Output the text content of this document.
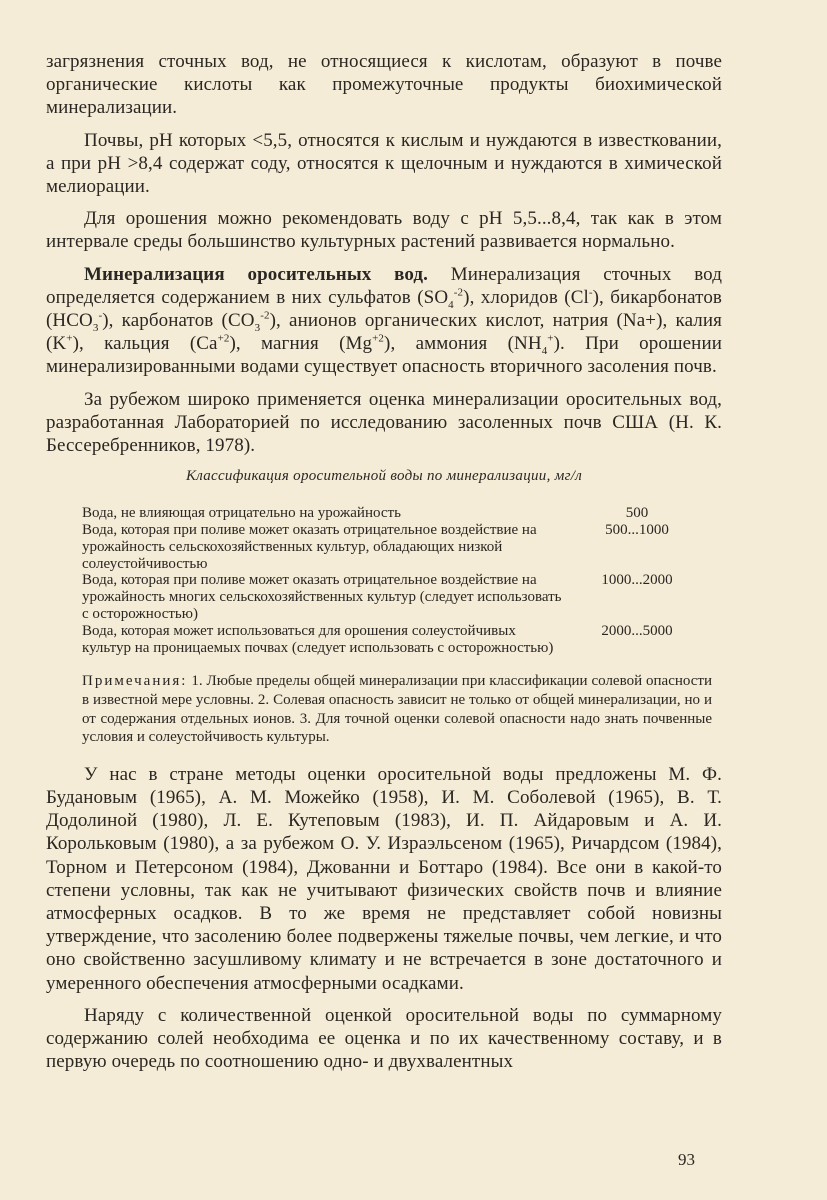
загрязнения сточных вод, не относящиеся к кислотам, образуют в почве органические кислоты как промежуточные продукты биохимической минерализации.

Почвы, pH которых <5,5, относятся к кислым и нуждаются в известковании, а при pH >8,4 содержат соду, относятся к щелочным и нуждаются в химической мелиорации.

Для орошения можно рекомендовать воду с pH 5,5...8,4, так как в этом интервале среды большинство культурных растений развивается нормально.

Минерализация оросительных вод. Минерализация сточных вод определяется содержанием в них сульфатов $(SO_4^{-2})$, хлоридов (Cl-), бикарбонатов $(HCO_3^-)$, карбонатов $(CO_3^{-2})$, анионов органических кислот, натрия (Na+), калия (K+), кальция $(Ca^{+2})$, магния $(Mg^{+2})$, аммония $(NH_4^+)$. При орошении минерализированными водами существует опасность вторичного засоления почв.

За рубежом широко применяется оценка минерализации оросительных вод, разработанная Лабораторией по исследованию засоленных почв США (Н. К. Бессеребренников, 1978).

Классификация оросительной воды по минерализации, мг/л
Вода, не влияющая отрицательно на урожайность	500
Вода, которая при поливе может оказать отрицательное воздействие на урожайность сельскохозяйственных культур, обладающих низкой солеустойчивостью	500...1000
Вода, которая при поливе может оказать отрицательное воздействие на урожайность многих сельскохозяйственных культур (следует использовать с осторожностью)	1000...2000
Вода, которая может использоваться для орошения солеустойчивых культур на проницаемых почвах (следует использовать с осторожностью)	2000...5000

Примечания: 1. Любые пределы общей минерализации при классификации солевой опасности в известной мере условны. 2. Солевая опасность зависит не только от общей минерализации, но и от содержания отдельных ионов. 3. Для точной оценки солевой опасности надо знать почвенные условия и солеустойчивость культуры.

У нас в стране методы оценки оросительной воды предложены М. Ф. Будановым (1965), А. М. Можейко (1958), И. М. Соболевой (1965), В. Т. Додолиной (1980), Л. Е. Кутеповым (1983), И. П. Айдаровым и А. И. Корольковым (1980), а за рубежом О. У. Израэльсеном (1965), Ричардсом (1984), Торном и Петерсоном (1984), Джованни и Боттаро (1984). Все они в какой-то степени условны, так как не учитывают физических свойств почв и влияние атмосферных осадков. В то же время не представляет собой новизны утверждение, что засолению более подвержены тяжелые почвы, чем легкие, и что оно свойственно засушливому климату и не встречается в зоне достаточного и умеренного обеспечения атмосферными осадками.

Наряду с количественной оценкой оросительной воды по суммарному содержанию солей необходима ее оценка и по их качественному составу, и в первую очередь по соотношению одно- и двухвалентных

93
